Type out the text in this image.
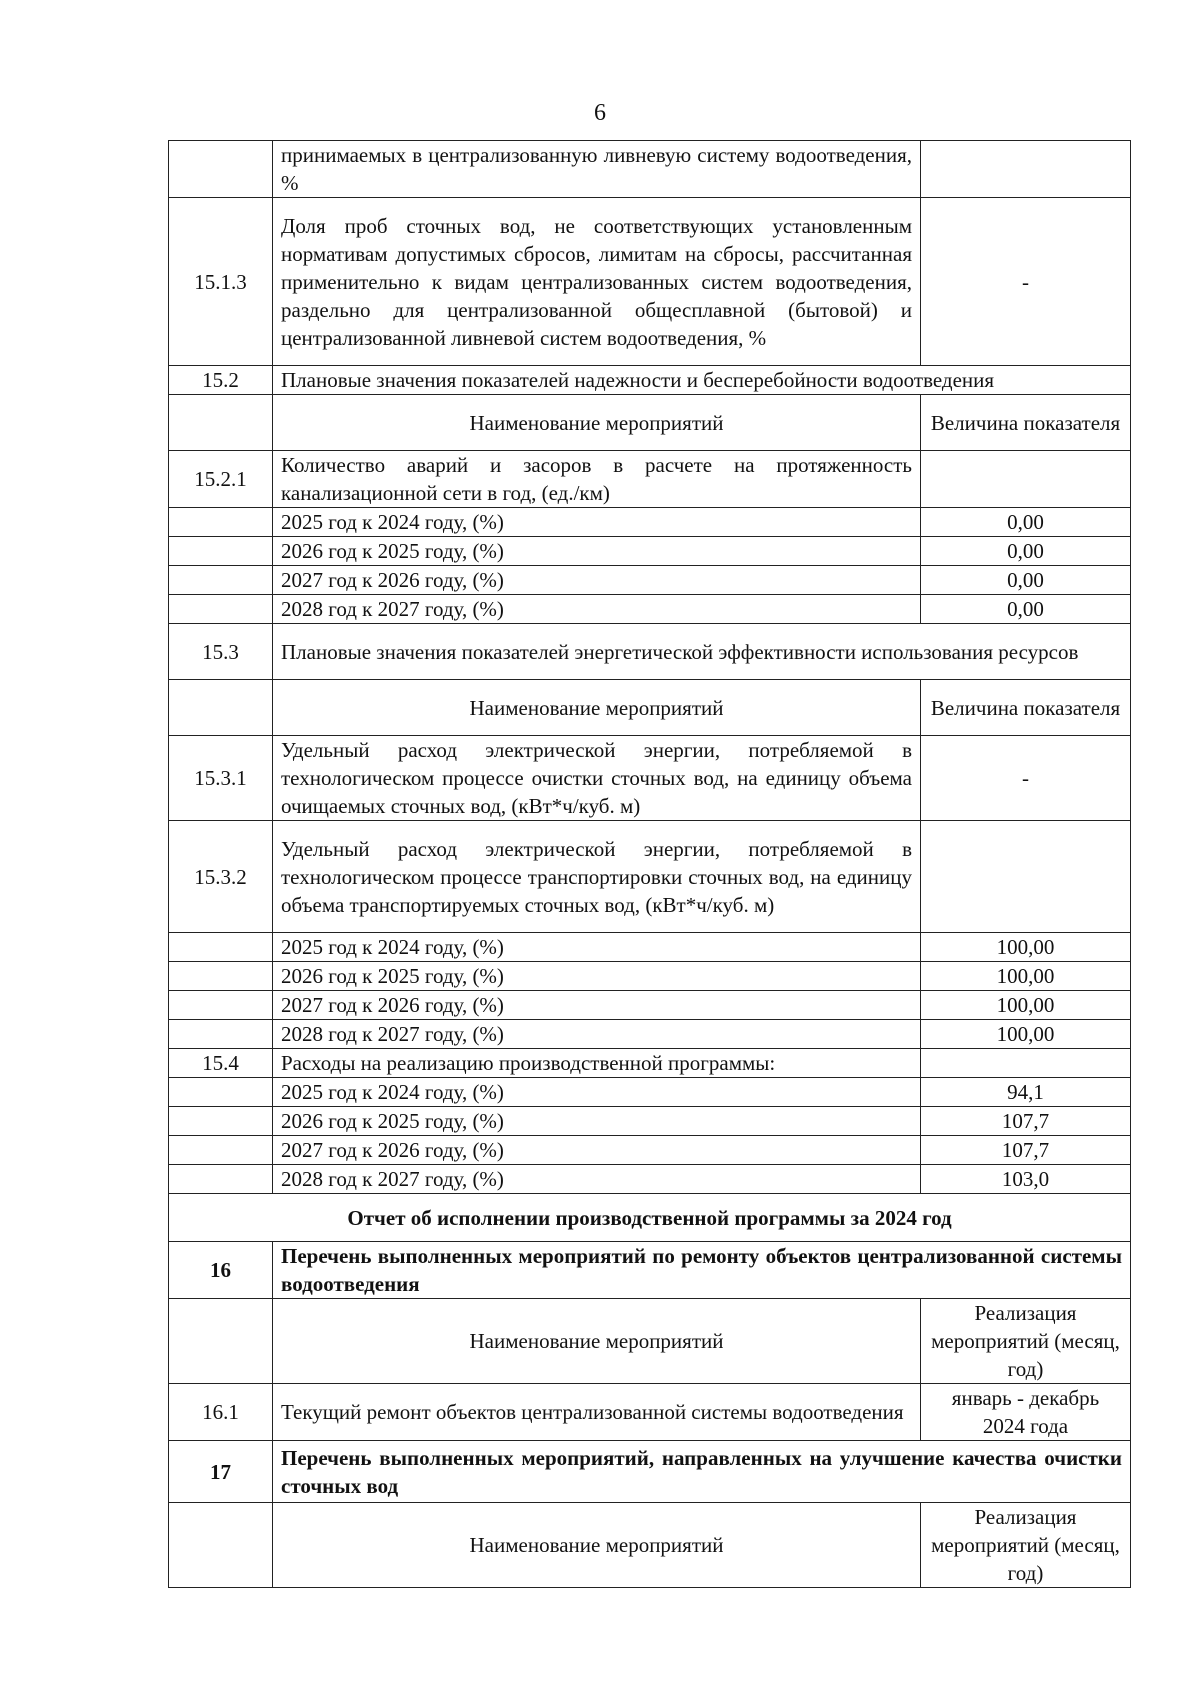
6
	принимаемых в централизованную ливневую систему водоотведения, %	
15.1.3	Доля проб сточных вод, не соответствующих установленным нормативам допустимых сбросов, лимитам на сбросы, рассчитанная применительно к видам централизованных систем водоотведения, раздельно для централизованной общесплавной (бытовой) и централизованной ливневой систем водоотведения, %	-
15.2	Плановые значения показателей надежности и бесперебойности водоотведения	
	Наименование мероприятий	Величина показателя
15.2.1	Количество аварий и засоров в расчете на протяженность канализационной сети в год, (ед./км)	
	2025 год к 2024 году, (%)	0,00
	2026 год к 2025 году, (%)	0,00
	2027 год к 2026 году, (%)	0,00
	2028 год к 2027 году, (%)	0,00
15.3	Плановые значения показателей энергетической эффективности использования ресурсов	
	Наименование мероприятий	Величина показателя
15.3.1	Удельный расход электрической энергии, потребляемой в технологическом процессе очистки сточных вод, на единицу объема очищаемых сточных вод, (кВт*ч/куб. м)	-
15.3.2	Удельный расход электрической энергии, потребляемой в технологическом процессе транспортировки сточных вод, на единицу объема транспортируемых сточных вод, (кВт*ч/куб. м)	
	2025 год к 2024 году, (%)	100,00
	2026 год к 2025 году, (%)	100,00
	2027 год к 2026 году, (%)	100,00
	2028 год к 2027 году, (%)	100,00
15.4	Расходы на реализацию производственной программы:	
	2025 год к 2024 году, (%)	94,1
	2026 год к 2025 году, (%)	107,7
	2027 год к 2026 году, (%)	107,7
	2028 год к 2027 году, (%)	103,0
Отчет об исполнении производственной программы за 2024 год		
16	Перечень выполненных мероприятий по ремонту объектов централизованной системы водоотведения	
	Наименование мероприятий	Реализация мероприятий (месяц, год)
16.1	Текущий ремонт объектов централизованной системы водоотведения	январь - декабрь 2024 года
17	Перечень выполненных мероприятий, направленных на улучшение качества очистки сточных вод	
	Наименование мероприятий	Реализация мероприятий (месяц, год)
